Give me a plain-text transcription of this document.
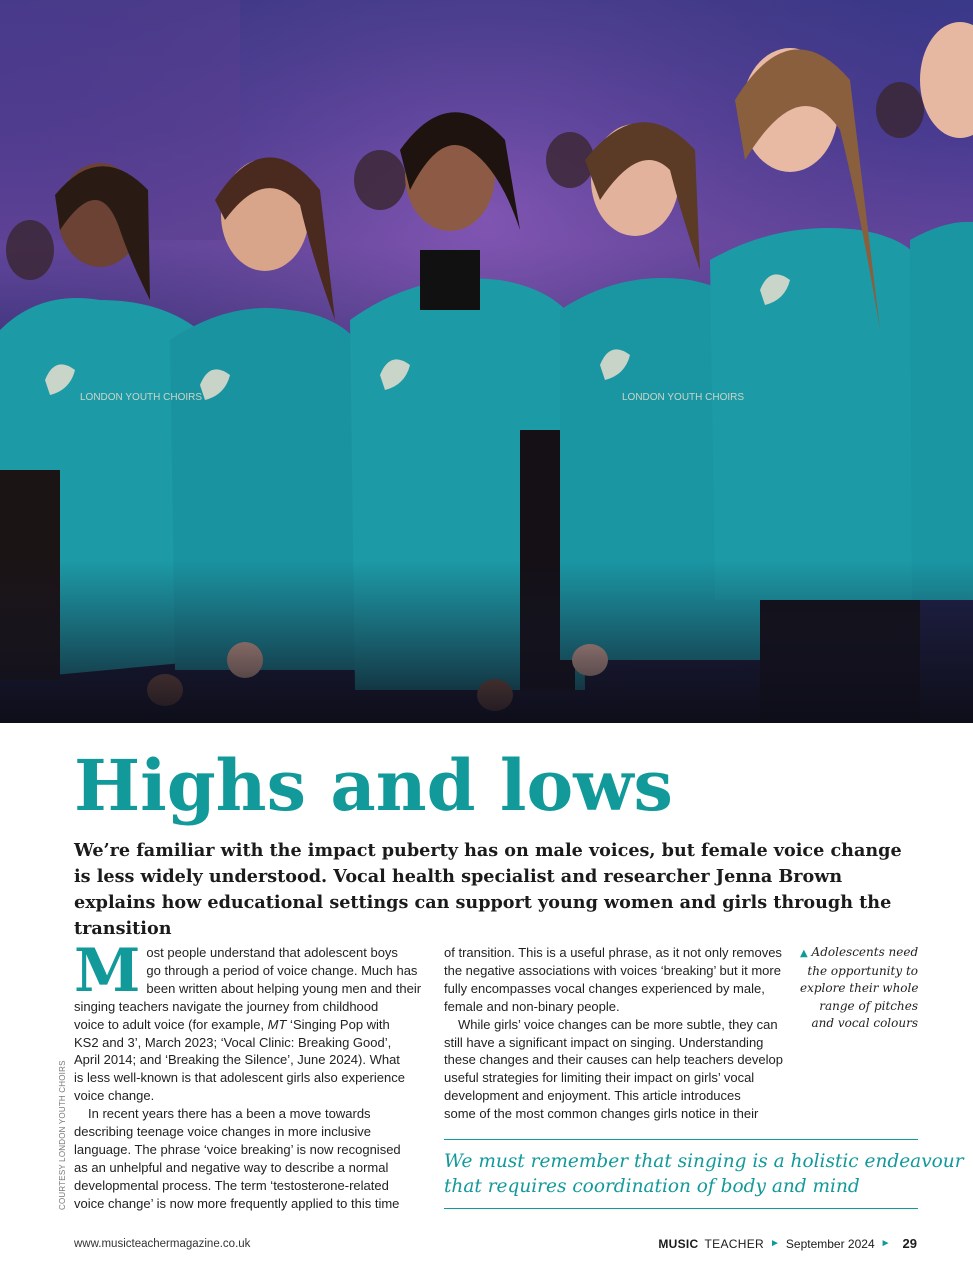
LONDON YOUTH CHOIRS	LONDON YOUTH CHOIRS
Highs and lows

We’re familiar with the impact puberty has on male voices, but female voice change is less widely understood. Vocal health specialist and researcher Jenna Brown explains how educational settings can support young women and girls through the transition

M ost people understand that adolescent boys
go through a period of voice change. Much has
been written about helping young men and their
singing teachers navigate the journey from childhood
voice to adult voice (for example, MT ‘Singing Pop with
KS2 and 3’, March 2023; ‘Vocal Clinic: Breaking Good’,
April 2014; and ‘Breaking the Silence’, June 2024). What
is less well-known is that adolescent girls also experience
voice change.

In recent years there has a been a move towards
describing teenage voice changes in more inclusive
language. The phrase ‘voice breaking’ is now recognised
as an unhelpful and negative way to describe a normal
developmental process. The term ‘testosterone-related
voice change’ is now more frequently applied to this time

COURTESY LONDON YOUTH CHOIRS

of transition. This is a useful phrase, as it not only removes
the negative associations with voices ‘breaking’ but it more
fully encompasses vocal changes experienced by male,
female and non-binary people.

While girls’ voice changes can be more subtle, they can
still have a significant impact on singing. Understanding
these changes and their causes can help teachers develop
useful strategies for limiting their impact on girls’ vocal
development and enjoyment. This article introduces
some of the most common changes girls notice in their

▲ Adolescents need
the opportunity to
explore their whole
range of pitches
and vocal colours

We must remember that singing is a holistic endeavour
that requires coordination of body and mind

www.musicteachermagazine.co.uk	MUSIC TEACHER ► September 2024 ► 29
